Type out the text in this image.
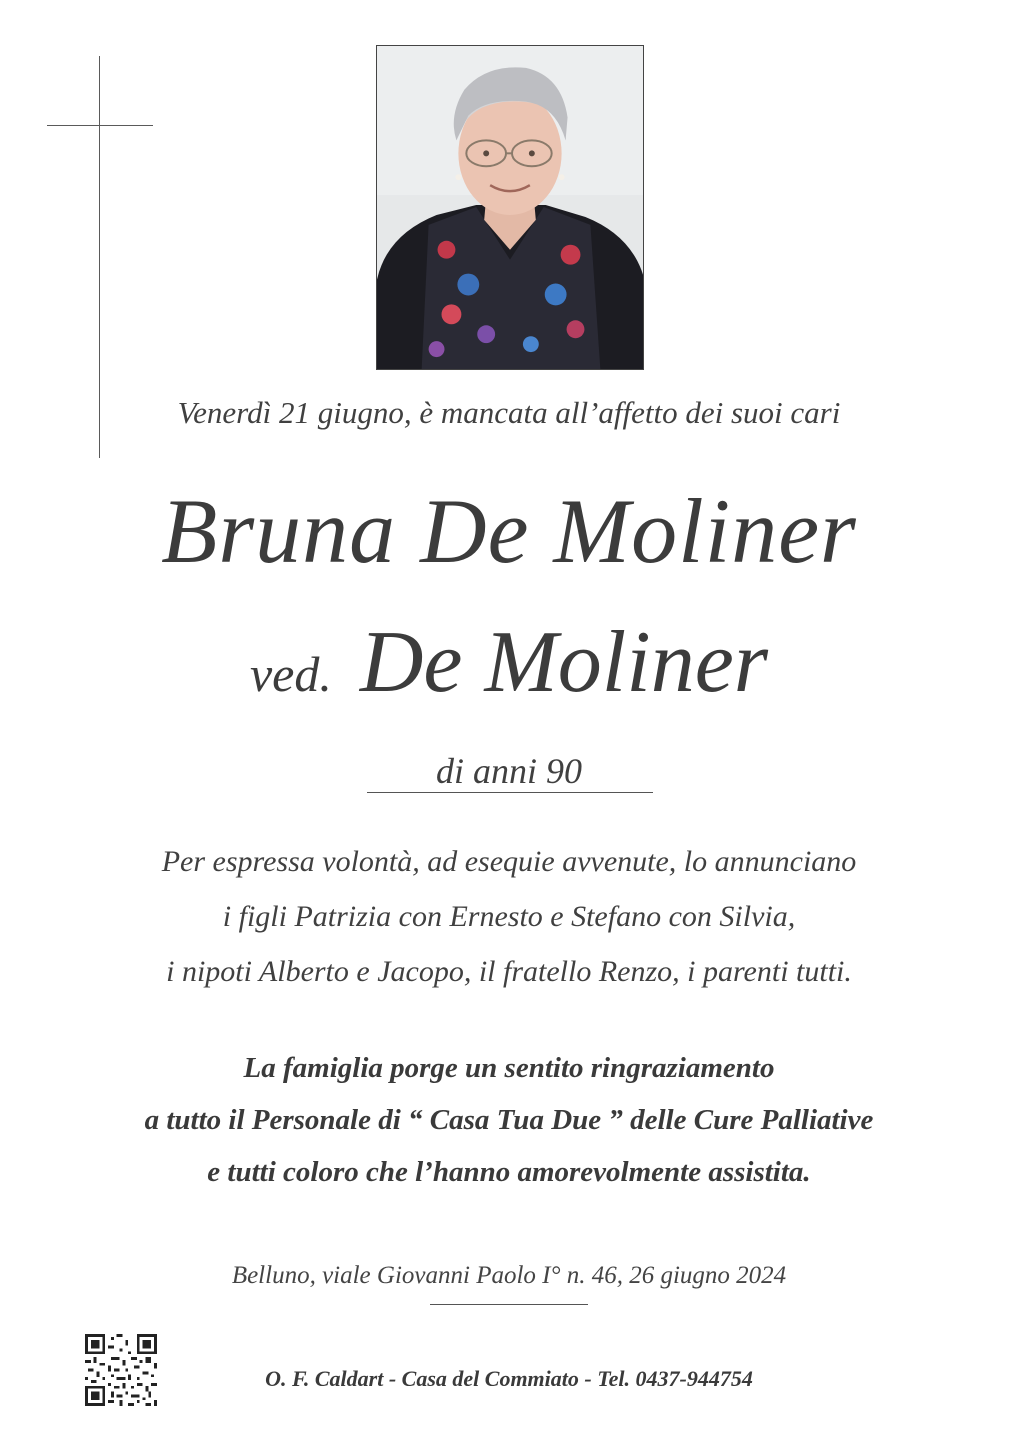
Venerdì 21 giugno, è mancata all’affetto dei suoi cari
Bruna De Moliner
ved. De Moliner
di anni 90
Per espressa volontà, ad esequie avvenute, lo annunciano
i figli Patrizia con Ernesto e Stefano con Silvia,
i nipoti Alberto e Jacopo, il fratello Renzo, i parenti tutti.
La famiglia porge un sentito ringraziamento
a tutto il Personale di “ Casa Tua Due ” delle Cure Palliative
e tutti coloro che l’hanno amorevolmente assistita.
Belluno, viale Giovanni Paolo I° n. 46, 26 giugno 2024
O. F. Caldart - Casa del Commiato - Tel. 0437-944754
